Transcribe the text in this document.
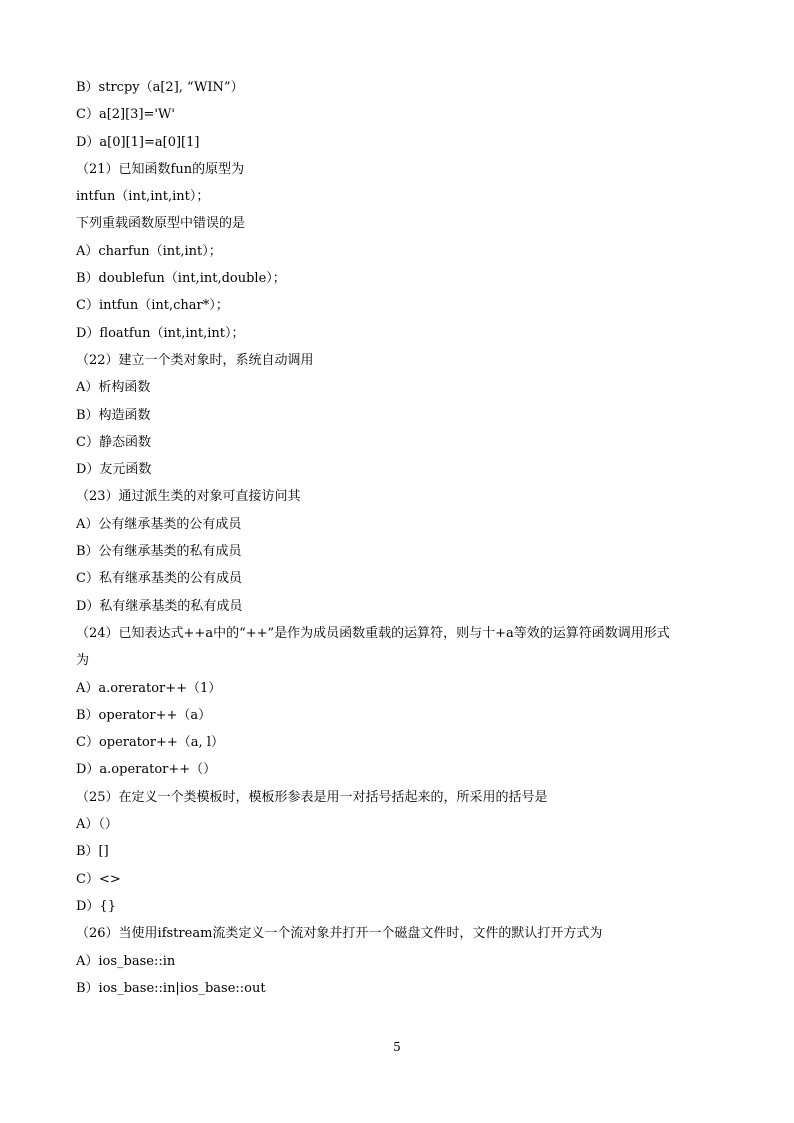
B）strcpy（a[2], “WIN”）
C）a[2][3]='W'
D）a[0][1]=a[0][1]
（21）已知函数fun的原型为
intfun（int,int,int）；
下列重载函数原型中错误的是
A）charfun（int,int）；
B）doublefun（int,int,double）；
C）intfun（int,char*）；
D）floatfun（int,int,int）；
（22）建立一个类对象时，系统自动调用
A）析构函数
B）构造函数
C）静态函数
D）友元函数
（23）通过派生类的对象可直接访问其
A）公有继承基类的公有成员
B）公有继承基类的私有成员
C）私有继承基类的公有成员
D）私有继承基类的私有成员
（24）已知表达式++a中的“++”是作为成员函数重载的运算符，则与十+a等效的运算符函数调用形式
为
A）a.orerator++（1）
B）operator++（a）
C）operator++（a, l）
D）a.operator++（）
（25）在定义一个类模板时，模板形参表是用一对括号括起来的，所采用的括号是
A）（）
B）[]
C）<>
D）{}
（26）当使用ifstream流类定义一个流对象并打开一个磁盘文件时，文件的默认打开方式为
A）ios_base::in
B）ios_base::in|ios_base::out
5
